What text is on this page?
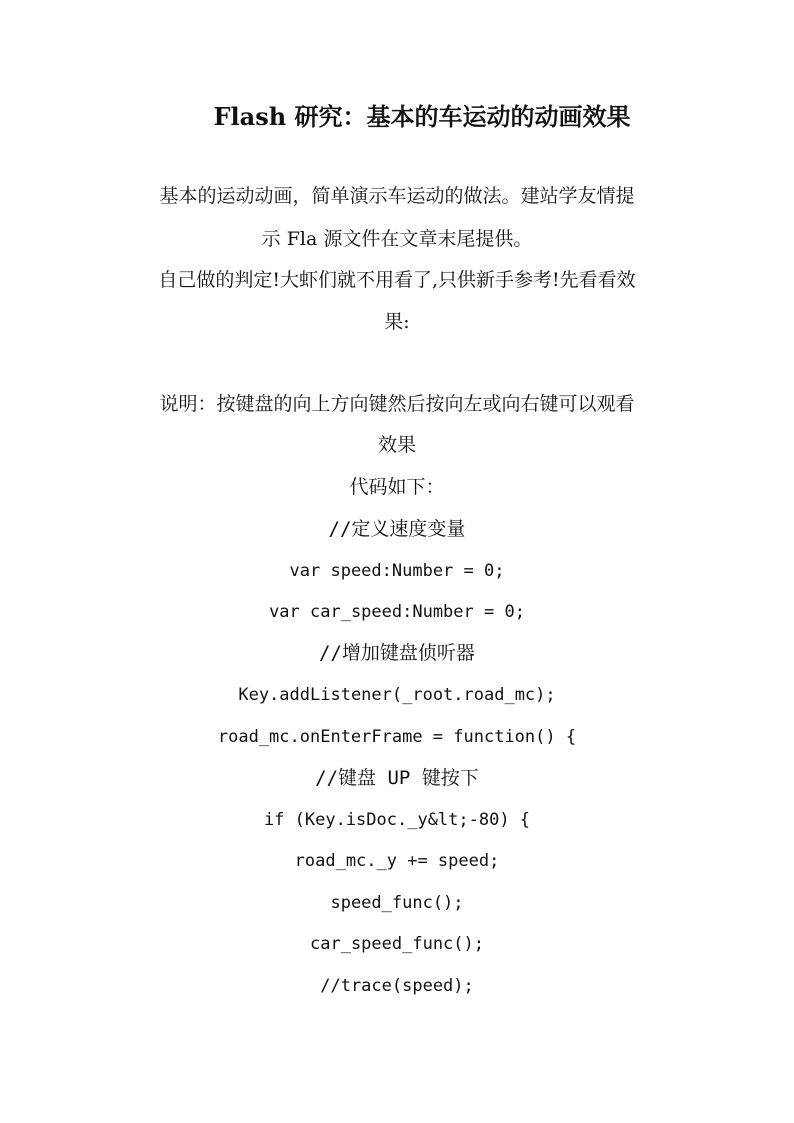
Flash 研究：基本的车运动的动画效果
基本的运动动画，简单演示车运动的做法。建站学友情提
示 Fla 源文件在文章末尾提供。
自己做的判定!大虾们就不用看了,只供新手参考!先看看效
果:
说明：按键盘的向上方向键然后按向左或向右键可以观看
效果
代码如下：
//定义速度变量
var speed:Number = 0;
var car_speed:Number = 0;
//增加键盘侦听器
Key.addListener(_root.road_mc);
road_mc.onEnterFrame = function() {
//键盘 UP 键按下
if (Key.isDoc._y&lt;-80) {
road_mc._y += speed;
speed_func();
car_speed_func();
//trace(speed);
